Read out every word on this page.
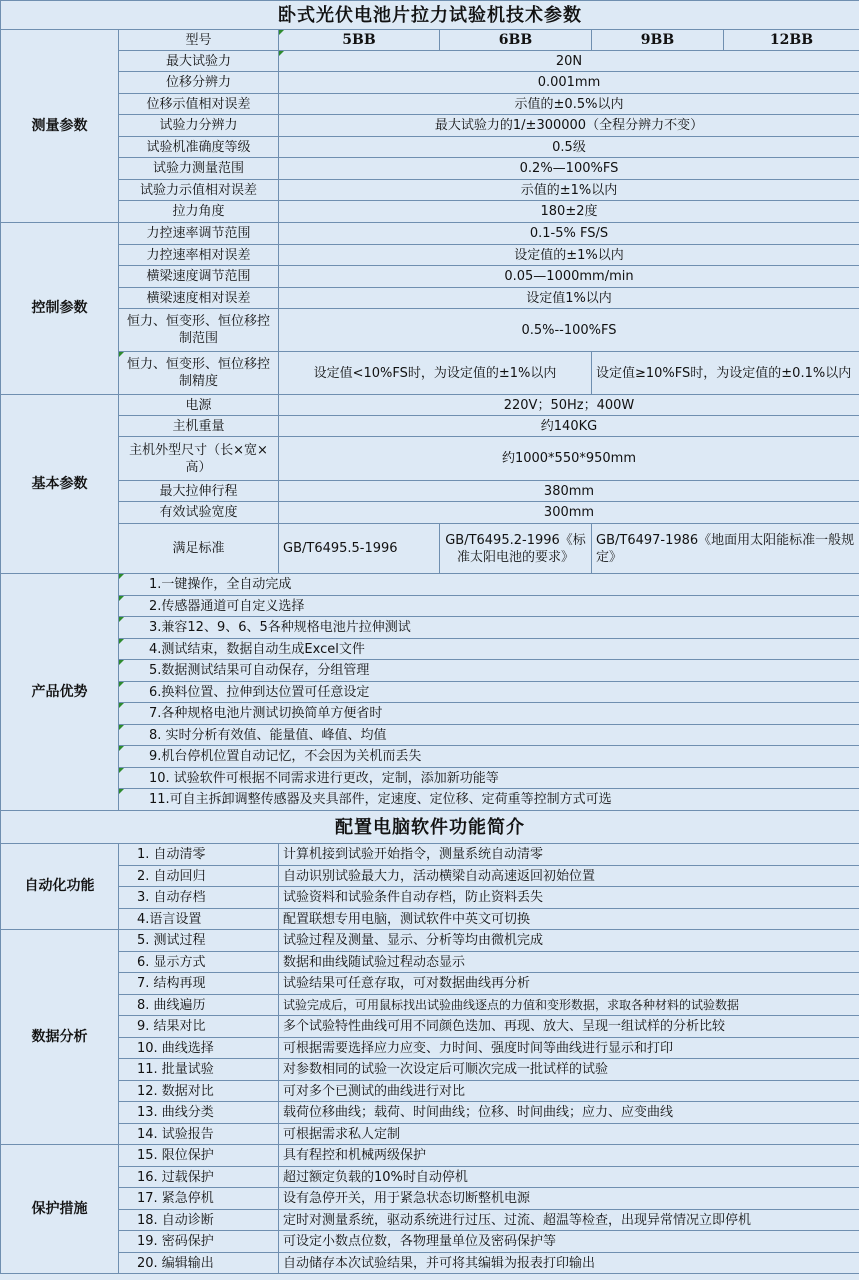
卧式光伏电池片拉力试验机技术参数					
测量参数	型号	5BB	6BB	9BB	12BB
	最大试验力	20N			
	位移分辨力	0.001mm			
	位移示值相对误差	示值的±0.5%以内			
	试验力分辨力	最大试验力的1/±300000（全程分辨力不变）			
	试验机准确度等级	0.5级			
	试验力测量范围	0.2%—100%FS			
	试验力示值相对误差	示值的±1%以内			
	拉力角度	180±2度			
控制参数	力控速率调节范围	0.1-5% FS/S			
	力控速率相对误差	设定值的±1%以内			
	横梁速度调节范围	0.05—1000mm/min			
	横梁速度相对误差	设定值1%以内			
	恒力、恒变形、恒位移控制范围	0.5%--100%FS			
	恒力、恒变形、恒位移控制精度	设定值<10%FS时，为设定值的±1%以内		设定值≥10%FS时，为设定值的±0.1%以内	
基本参数	电源	220V；50Hz；400W			
	主机重量	约140KG			
	主机外型尺寸（长×宽×高）	约1000*550*950mm			
	最大拉伸行程	380mm			
	有效试验宽度	300mm			
	满足标准	GB/T6495.5-1996	GB/T6495.2-1996《标准太阳电池的要求》	GB/T6497-1986《地面用太阳能标准一般规定》	
产品优势	1.一键操作，全自动完成				
	2.传感器通道可自定义选择				
	3.兼容12、9、6、5各种规格电池片拉伸测试				
	4.测试结束，数据自动生成Excel文件				
	5.数据测试结果可自动保存，分组管理				
	6.换料位置、拉伸到达位置可任意设定				
	7.各种规格电池片测试切换简单方便省时				
	8. 实时分析有效值、能量值、峰值、均值				
	9.机台停机位置自动记忆，不会因为关机而丢失				
	10. 试验软件可根据不同需求进行更改，定制，添加新功能等				
	11.可自主拆卸调整传感器及夹具部件，定速度、定位移、定荷重等控制方式可选				
配置电脑软件功能简介					
自动化功能	1. 自动清零	计算机接到试验开始指令，测量系统自动清零			
	2. 自动回归	自动识别试验最大力，活动横梁自动高速返回初始位置			
	3. 自动存档	试验资料和试验条件自动存档，防止资料丢失			
	4.语言设置	配置联想专用电脑，测试软件中英文可切换			
数据分析	5. 测试过程	试验过程及测量、显示、分析等均由微机完成			
	6. 显示方式	数据和曲线随试验过程动态显示			
	7. 结构再现	试验结果可任意存取，可对数据曲线再分析			
	8. 曲线遍历	试验完成后，可用鼠标找出试验曲线逐点的力值和变形数据，求取各种材料的试验数据			
	9. 结果对比	多个试验特性曲线可用不同颜色迭加、再现、放大、呈现一组试样的分析比较			
	10. 曲线选择	可根据需要选择应力应变、力时间、强度时间等曲线进行显示和打印			
	11. 批量试验	对参数相同的试验一次设定后可顺次完成一批试样的试验			
	12. 数据对比	可对多个已测试的曲线进行对比			
	13. 曲线分类	载荷位移曲线；载荷、时间曲线；位移、时间曲线；应力、应变曲线			
	14. 试验报告	可根据需求私人定制			
保护措施	15. 限位保护	具有程控和机械两级保护			
	16. 过载保护	超过额定负载的10%时自动停机			
	17. 紧急停机	设有急停开关，用于紧急状态切断整机电源			
	18. 自动诊断	定时对测量系统，驱动系统进行过压、过流、超温等检查，出现异常情况立即停机			
	19. 密码保护	可设定小数点位数，各物理量单位及密码保护等			
	20. 编辑输出	自动储存本次试验结果，并可将其编辑为报表打印输出			
